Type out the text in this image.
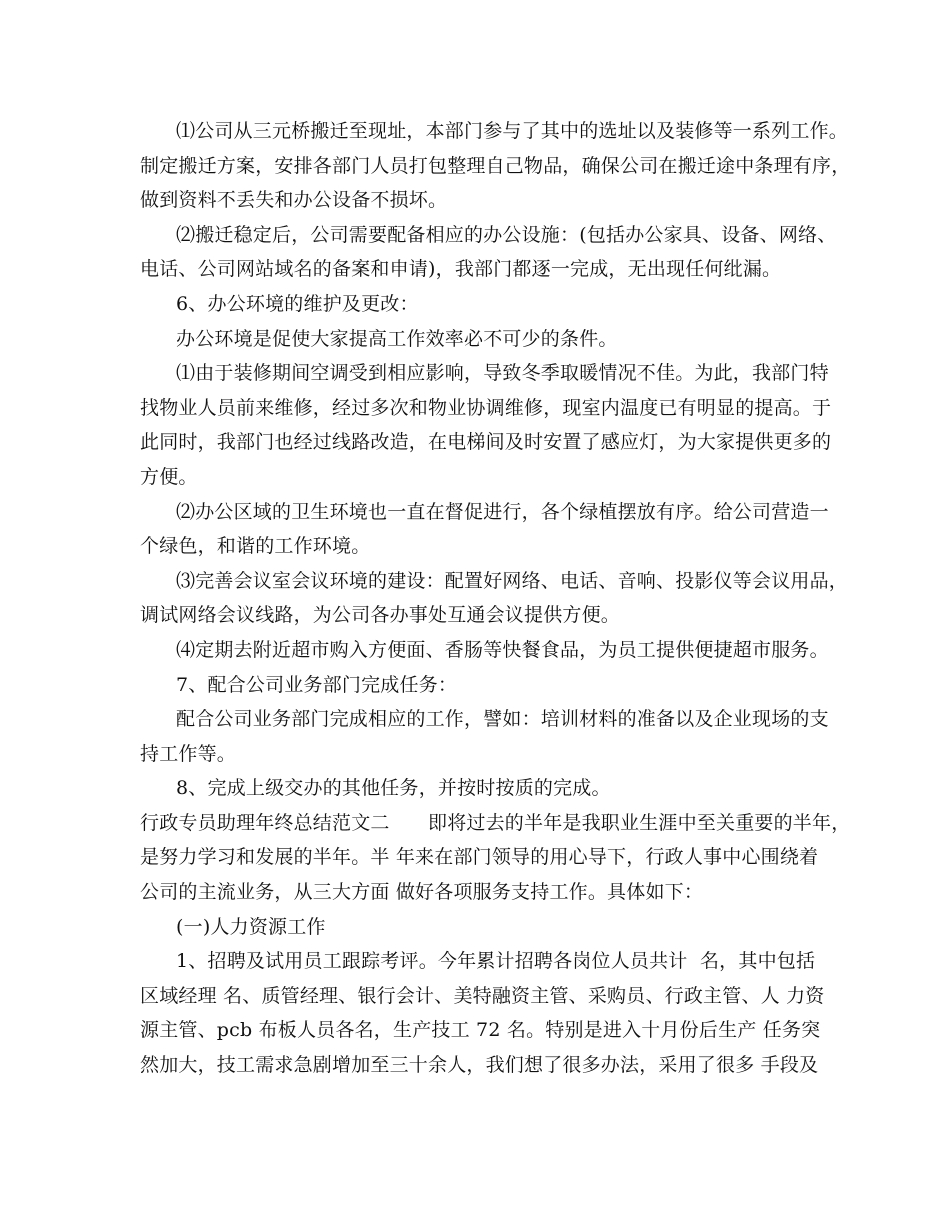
⑴公司从三元桥搬迁至现址，本部门参与了其中的选址以及装修等一系列工作。
制定搬迁方案，安排各部门人员打包整理自己物品，确保公司在搬迁途中条理有序，
做到资料不丢失和办公设备不损坏。
⑵搬迁稳定后，公司需要配备相应的办公设施：(包括办公家具、设备、网络、
电话、公司网站域名的备案和申请)，我部门都逐一完成，无出现任何纰漏。
6、办公环境的维护及更改：
办公环境是促使大家提高工作效率必不可少的条件。
⑴由于装修期间空调受到相应影响，导致冬季取暖情况不佳。为此，我部门特
找物业人员前来维修，经过多次和物业协调维修，现室内温度已有明显的提高。于
此同时，我部门也经过线路改造，在电梯间及时安置了感应灯，为大家提供更多的
方便。
⑵办公区域的卫生环境也一直在督促进行，各个绿植摆放有序。给公司营造一
个绿色，和谐的工作环境。
⑶完善会议室会议环境的建设：配置好网络、电话、音响、投影仪等会议用品，
调试网络会议线路，为公司各办事处互通会议提供方便。
⑷定期去附近超市购入方便面、香肠等快餐食品，为员工提供便捷超市服务。
7、配合公司业务部门完成任务：
配合公司业务部门完成相应的工作，譬如：培训材料的准备以及企业现场的支
持工作等。
8、完成上级交办的其他任务，并按时按质的完成。
行政专员助理年终总结范文二　　即将过去的半年是我职业生涯中至关重要的半年，
是努力学习和发展的半年。半 年来在部门领导的用心导下，行政人事中心围绕着
公司的主流业务，从三大方面 做好各项服务支持工作。具体如下：
(一)人力资源工作
1、招聘及试用员工跟踪考评。今年累计招聘各岗位人员共计  名，其中包括
区域经理 名、质管经理、银行会计、美特融资主管、采购员、行政主管、人 力资
源主管、pcb 布板人员各名，生产技工 72 名。特别是进入十月份后生产 任务突
然加大，技工需求急剧增加至三十余人，我们想了很多办法，采用了很多 手段及
